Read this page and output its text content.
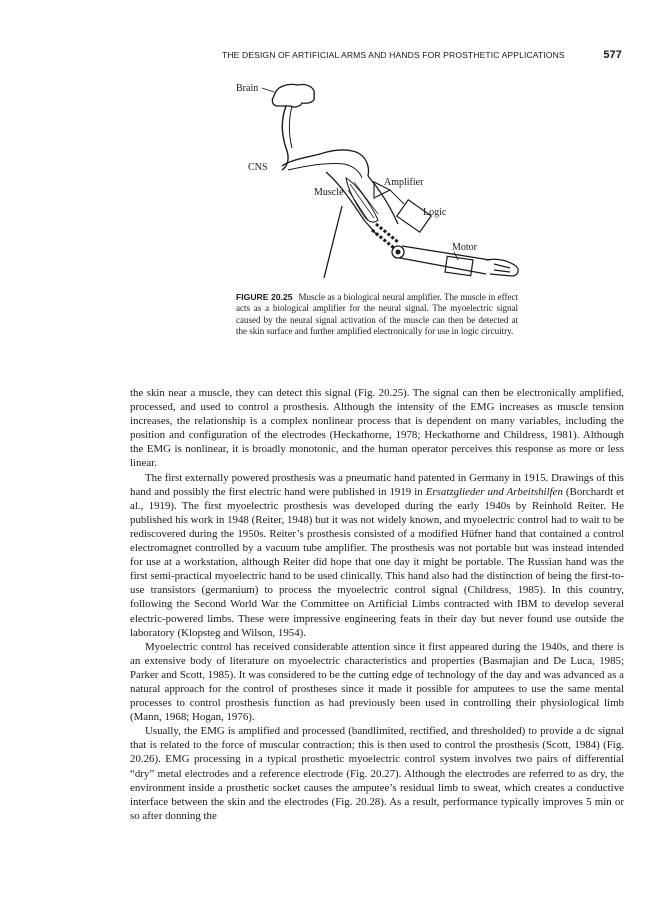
THE DESIGN OF ARTIFICIAL ARMS AND HANDS FOR PROSTHETIC APPLICATIONS	577
Brain
CNS
Muscle
Amplifier
Logic
Motor
FIGURE 20.25 Muscle as a biological neural amplifier. The muscle in effect acts as a biological amplifier for the neural signal. The myoelectric signal caused by the neural signal activation of the muscle can then be detected at the skin surface and further amplified electronically for use in logic circuitry.

the skin near a muscle, they can detect this signal (Fig. 20.25). The signal can then be electronically amplified, processed, and used to control a prosthesis. Although the intensity of the EMG increases as muscle tension increases, the relationship is a complex nonlinear process that is dependent on many variables, including the position and configuration of the electrodes (Heckathorne, 1978; Heckathorne and Childress, 1981). Although the EMG is nonlinear, it is broadly monotonic, and the human operator perceives this response as more or less linear.

The first externally powered prosthesis was a pneumatic hand patented in Germany in 1915. Drawings of this hand and possibly the first electric hand were published in 1919 in Ersatzglieder und Arbeitshilfen (Borchardt et al., 1919). The first myoelectric prosthesis was developed during the early 1940s by Reinhold Reiter. He published his work in 1948 (Reiter, 1948) but it was not widely known, and myoelectric control had to wait to be rediscovered during the 1950s. Reiter’s prosthesis consisted of a modified Hüfner hand that contained a control electromagnet controlled by a vacuum tube amplifier. The prosthesis was not portable but was instead intended for use at a workstation, although Reiter did hope that one day it might be portable. The Russian hand was the first semi-practical myoelectric hand to be used clinically. This hand also had the distinction of being the first-to-use transistors (germanium) to process the myoelectric control signal (Childress, 1985). In this country, following the Second World War the Committee on Artificial Limbs contracted with IBM to develop several electric-powered limbs. These were impressive engineering feats in their day but never found use outside the laboratory (Klopsteg and Wilson, 1954).

Myoelectric control has received considerable attention since it first appeared during the 1940s, and there is an extensive body of literature on myoelectric characteristics and properties (Basmajian and De Luca, 1985; Parker and Scott, 1985). It was considered to be the cutting edge of technology of the day and was advanced as a natural approach for the control of prostheses since it made it possible for amputees to use the same mental processes to control prosthesis function as had previously been used in controlling their physiological limb (Mann, 1968; Hogan, 1976).

Usually, the EMG is amplified and processed (bandlimited, rectified, and thresholded) to provide a dc signal that is related to the force of muscular contraction; this is then used to control the prosthesis (Scott, 1984) (Fig. 20.26). EMG processing in a typical prosthetic myoelectric control system involves two pairs of differential “dry” metal electrodes and a reference electrode (Fig. 20.27). Although the electrodes are referred to as dry, the environment inside a prosthetic socket causes the amputee’s residual limb to sweat, which creates a conductive interface between the skin and the electrodes (Fig. 20.28). As a result, performance typically improves 5 min or so after donning the
